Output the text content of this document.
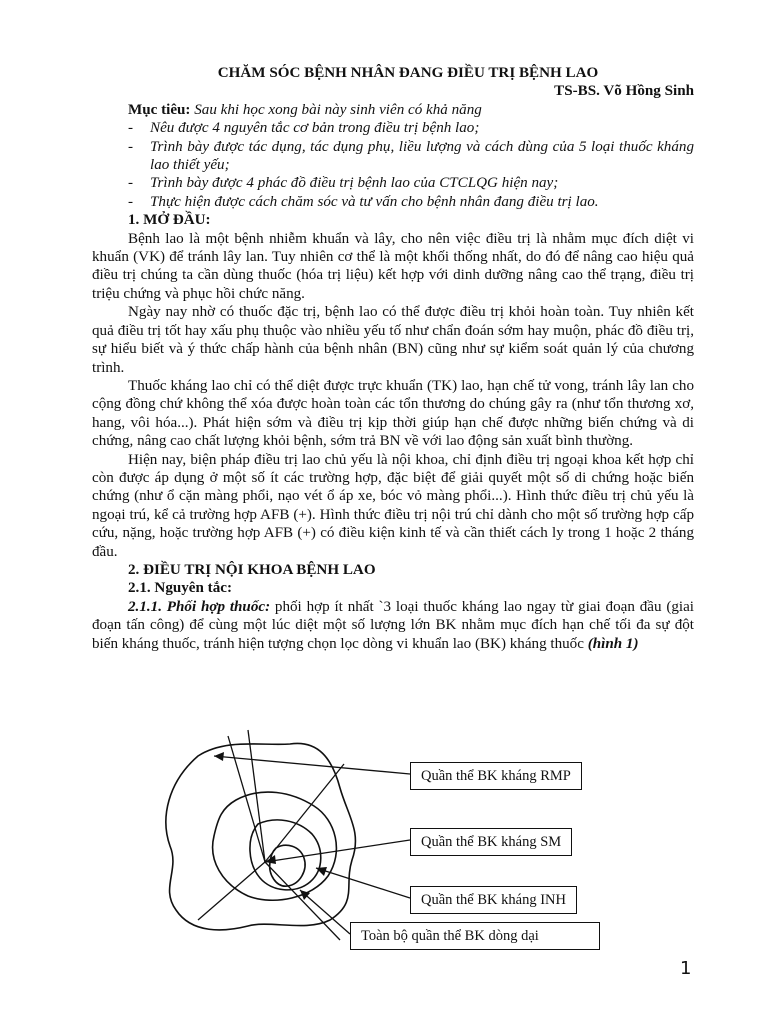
CHĂM SÓC BỆNH NHÂN ĐANG ĐIỀU TRỊ BỆNH LAO

TS-BS. Võ Hồng Sinh

Mục tiêu: Sau khi học xong bài này sinh viên có khả năng

- Nêu được 4 nguyên tắc cơ bản trong điều trị bệnh lao;
- Trình bày được tác dụng, tác dụng phụ, liều lượng và cách dùng của 5 loại thuốc kháng lao thiết yếu;
- Trình bày được 4 phác đồ điều trị bệnh lao của CTCLQG hiện nay;
- Thực hiện được cách chăm sóc và tư vấn cho bệnh nhân đang điều trị lao.

1. MỞ ĐẦU:

Bệnh lao là một bệnh nhiễm khuẩn và lây, cho nên việc điều trị là nhằm mục đích diệt vi khuẩn (VK) để tránh lây lan. Tuy nhiên cơ thể là một khối thống nhất, do đó để nâng cao hiệu quả điều trị chúng ta cần dùng thuốc (hóa trị liệu) kết hợp với dinh dưỡng nâng cao thể trạng, điều trị triệu chứng và phục hồi chức năng.

Ngày nay nhờ có thuốc đặc trị, bệnh lao có thể được điều trị khỏi hoàn toàn. Tuy nhiên kết quả điều trị tốt hay xấu phụ thuộc vào nhiều yếu tố như chẩn đoán sớm hay muộn, phác đồ điều trị, sự hiểu biết và ý thức chấp hành của bệnh nhân (BN) cũng như sự kiểm soát quản lý của chương trình.

Thuốc kháng lao chỉ có thể diệt được trực khuẩn (TK) lao, hạn chế tử vong, tránh lây lan cho cộng đồng chứ không thể xóa được hoàn toàn các tổn thương do chúng gây ra (như tổn thương xơ, hang, vôi hóa...). Phát hiện sớm và điều trị kịp thời giúp hạn chế được những biến chứng và di chứng, nâng cao chất lượng khỏi bệnh, sớm trả BN về với lao động sản xuất bình thường.

Hiện nay, biện pháp điều trị lao chủ yếu là nội khoa, chỉ định điều trị ngoại khoa kết hợp chỉ còn được áp dụng ở một số ít các trường hợp, đặc biệt để giải quyết một số di chứng hoặc biến chứng (như ổ cặn màng phổi, nạo vét ổ áp xe, bóc vỏ màng phổi...). Hình thức điều trị chủ yếu là ngoại trú, kể cả trường hợp AFB (+). Hình thức điều trị nội trú chỉ dành cho một số trường hợp cấp cứu, nặng, hoặc trường hợp AFB (+) có điều kiện kinh tế và cần thiết cách ly trong 1 hoặc 2 tháng đầu.

2. ĐIỀU TRỊ NỘI KHOA BỆNH LAO

2.1. Nguyên tắc:

2.1.1. Phối hợp thuốc: phối hợp ít nhất `3 loại thuốc kháng lao ngay từ giai đoạn đầu (giai đoạn tấn công) để cùng một lúc diệt một số lượng lớn BK nhằm mục đích hạn chế tối đa sự đột biến kháng thuốc, tránh hiện tượng chọn lọc dòng vi khuẩn lao (BK) kháng thuốc (hình 1)

Quần thể BK kháng RMP
Quần thể BK kháng SM
Quần thể BK kháng INH
Toàn bộ quần thể BK dòng dại
1
